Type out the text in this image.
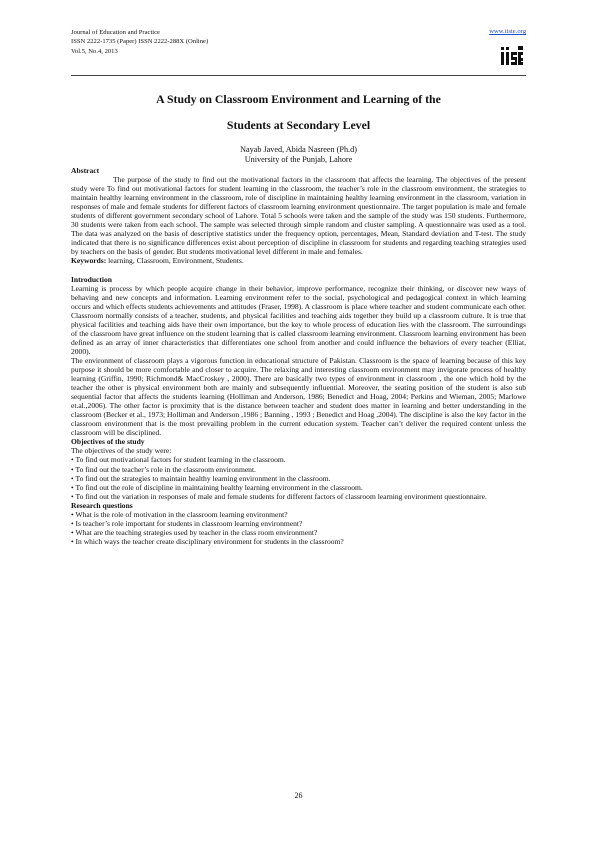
Journal of Education and Practice
ISSN 2222-1735 (Paper) ISSN 2222-288X (Online)
Vol.5, No.4, 2013
www.iiste.org
A Study on Classroom Environment and Learning of the
Students at Secondary Level
Nayab Javed, Abida Nasreen (Ph.d)
University of the Punjab, Lahore

Abstract

The purpose of the study to find out the motivational factors in the classroom that affects the learning. The objectives of the present study were To find out motivational factors for student learning in the classroom, the teacher’s role in the classroom environment, the strategies to maintain healthy learning environment in the classroom, role of discipline in maintaining healthy learning environment in the classroom, variation in responses of male and female students for different factors of classroom learning environment questionnaire. The target population is male and female students of different government secondary school of Lahore. Total 5 schools were taken and the sample of the study was 150 students. Furthermore, 30 students were taken from each school. The sample was selected through simple random and cluster sampling. A questionnaire was used as a tool. The data was analyzed on the basis of descriptive statistics under the frequency option, percentages, Mean, Standard deviation and T-test. The study indicated that there is no significance differences exist about perception of discipline in classroom for students and regarding teaching strategies used by teachers on the basis of gender. But students motivational level different in male and females.

Keywords: learning, Classroom, Environment, Students.

Introduction

Learning is process by which people acquire change in their behavior, improve performance, recognize their thinking, or discover new ways of behaving and new concepts and information. Learning environment refer to the social, psychological and pedagogical context in which learning occurs and which effects students achievements and attitudes (Fraser, 1998). A classroom is place where teacher and student communicate each other. Classroom normally consists of a teacher, students, and physical facilities and teaching aids together they build up a classroom culture. It is true that physical facilities and teaching aids have their own importance, but the key to whole process of education lies with the classroom. The surroundings of the classroom have great influence on the student learning that is called classroom learning environment. Classroom learning environment has been defined as an array of inner characteristics that differentiates one school from another and could influence the behaviors of every teacher (Elliat, 2000).

The environment of classroom plays a vigorous function in educational structure of Pakistan. Classroom is the space of learning because of this key purpose it should be more comfortable and closer to acquire. The relaxing and interesting classroom environment may invigorate process of healthy learning (Griffin, 1990; Richmond& MacCroskey , 2000). There are basically two types of environment in classroom , the one which hold by the teacher the other is physical environment both are mainly and subsequently influential. Moreover, the seating position of the student is also sub sequential factor that affects the students learning (Holliman and Anderson, 1986; Benedict and Hoag, 2004; Perkins and Wieman, 2005; Marlowe et.al.,2006). The other factor is proximity that is the distance between teacher and student does matter in learning and better understanding in the classroom (Becker et al., 1973; Holliman and Anderson ,1986 ; Banning , 1993 ; Benedict and Hoag ,2004). The discipline is also the key factor in the classroom environment that is the most prevailing problem in the current education system. Teacher can’t deliver the required content unless the classroom will be disciplined.

Objectives of the study

The objectives of the study were:

• To find out motivational factors for student learning in the classroom.

• To find out the teacher’s role in the classroom environment.

• To find out the strategies to maintain healthy learning environment in the classroom.

• To find out the role of discipline in maintaining healthy learning environment in the classroom.

• To find out the variation in responses of male and female students for different factors of classroom learning environment questionnaire.

Research questions

• What is the role of motivation in the classroom learning environment?

• Is teacher’s role important for students in classroom learning environment?

• What are the teaching strategies used by teacher in the class room environment?

• In which ways the teacher create disciplinary environment for students in the classroom?

26
